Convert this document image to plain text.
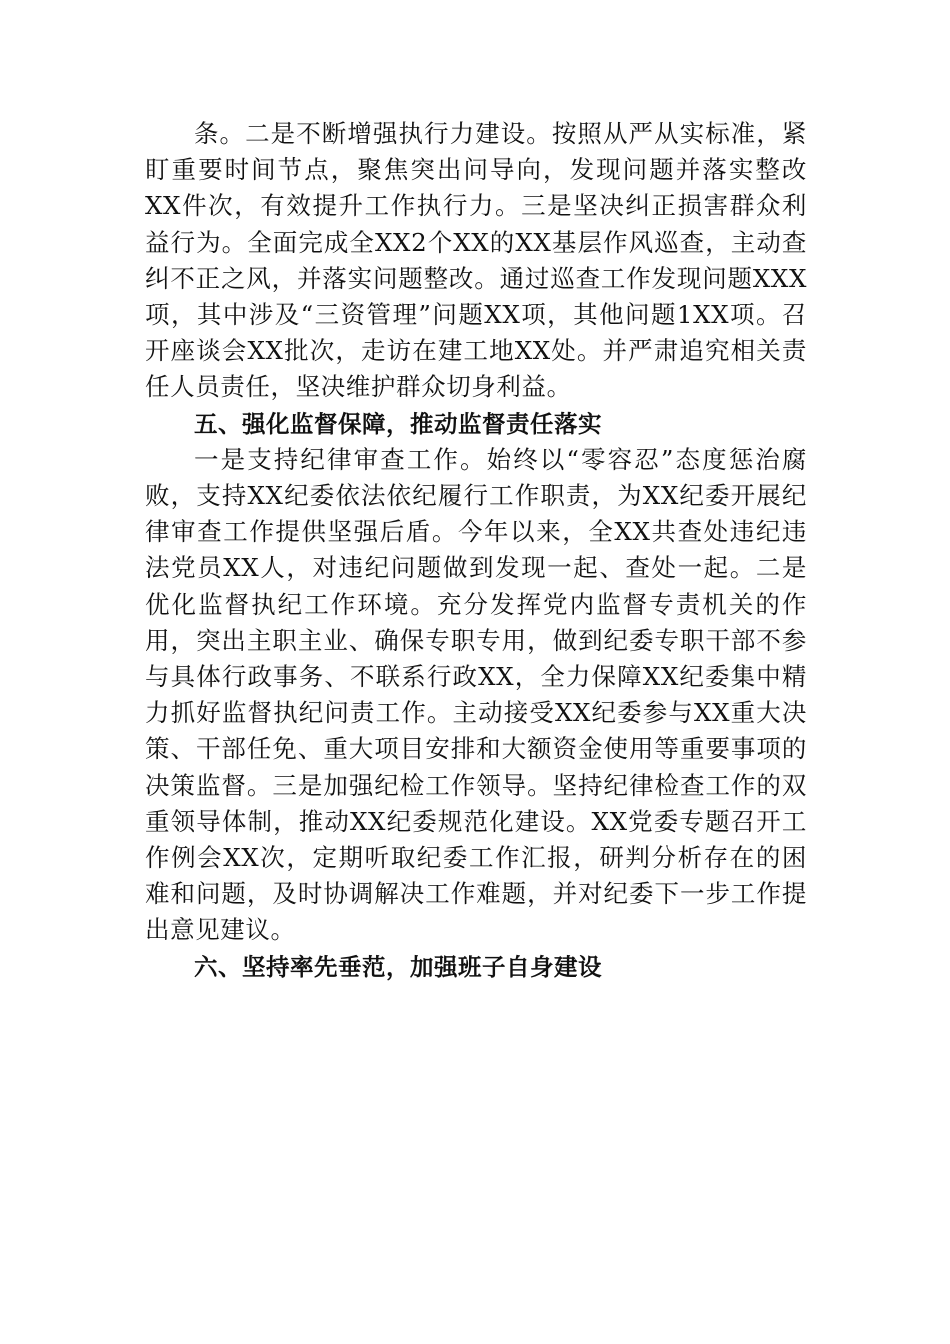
条。二是不断增强执行力建设。按照从严从实标准，紧盯重要时间节点，聚焦突出问导向，发现问题并落实整改XX件次，有效提升工作执行力。三是坚决纠正损害群众利益行为。全面完成全XX2个XX的XX基层作风巡查，主动查纠不正之风，并落实问题整改。通过巡查工作发现问题XXX项，其中涉及“三资管理”问题XX项，其他问题1XX项。召开座谈会XX批次，走访在建工地XX处。并严肃追究相关责任人员责任，坚决维护群众切身利益。

五、强化监督保障，推动监督责任落实

一是支持纪律审查工作。始终以“零容忍”态度惩治腐败，支持XX纪委依法依纪履行工作职责，为XX纪委开展纪律审查工作提供坚强后盾。今年以来，全XX共查处违纪违法党员XX人，对违纪问题做到发现一起、查处一起。二是优化监督执纪工作环境。充分发挥党内监督专责机关的作用，突出主职主业、确保专职专用，做到纪委专职干部不参与具体行政事务、不联系行政XX，全力保障XX纪委集中精力抓好监督执纪问责工作。主动接受XX纪委参与XX重大决策、干部任免、重大项目安排和大额资金使用等重要事项的决策监督。三是加强纪检工作领导。坚持纪律检查工作的双重领导体制，推动XX纪委规范化建设。XX党委专题召开工作例会XX次，定期听取纪委工作汇报，研判分析存在的困难和问题，及时协调解决工作难题，并对纪委下一步工作提出意见建议。

六、坚持率先垂范，加强班子自身建设
